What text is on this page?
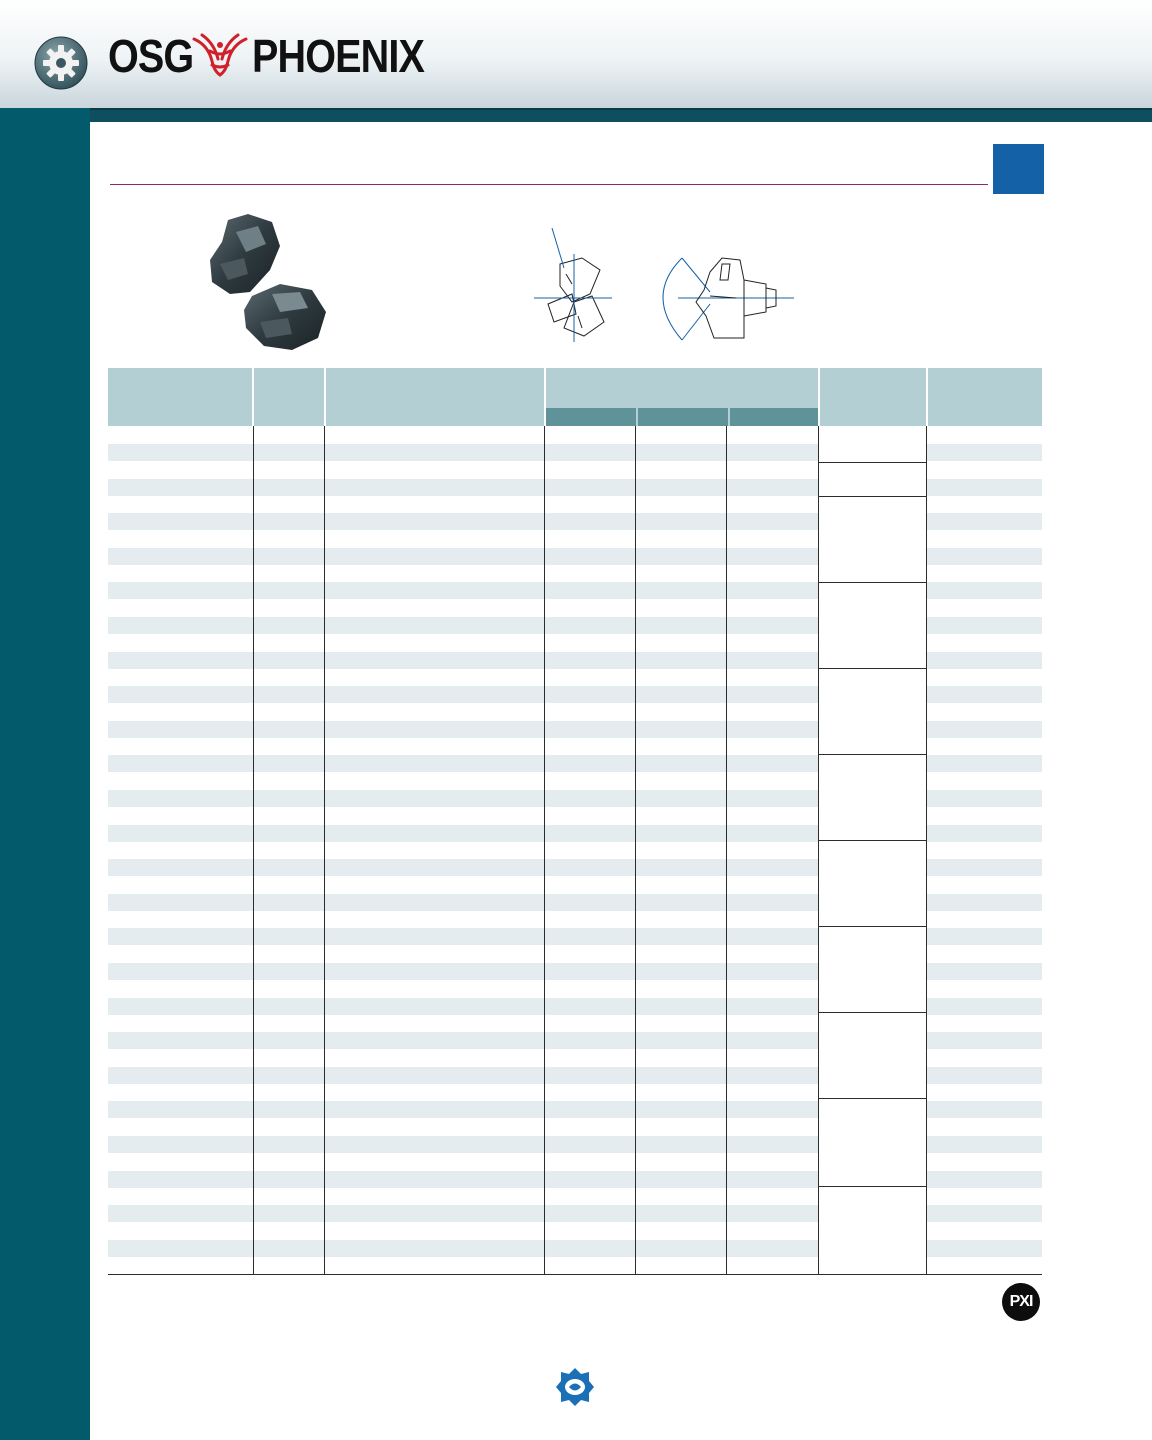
OSG PHOENIX
PXI
